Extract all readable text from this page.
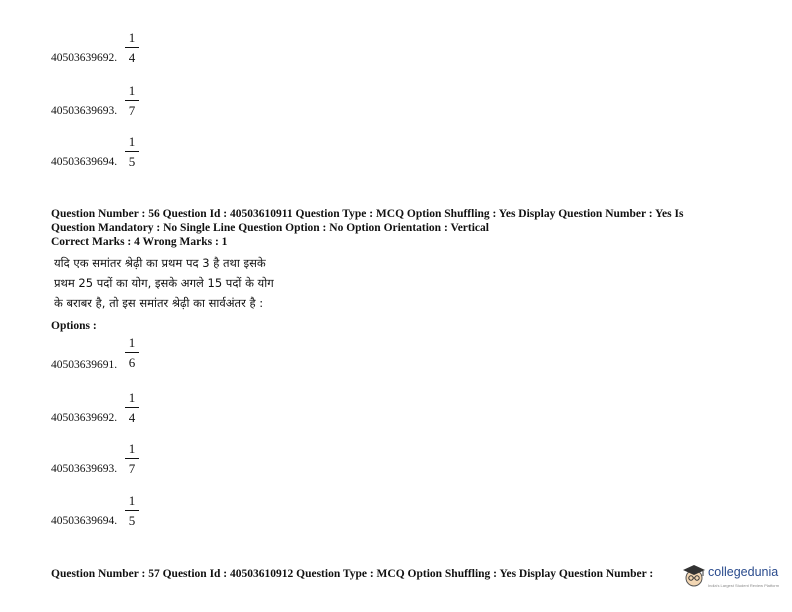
40503639692.
1
4
40503639693.
1
7
40503639694.
1
5
Question Number : 56 Question Id : 40503610911 Question Type : MCQ Option Shuffling : Yes Display Question Number : Yes Is
Question Mandatory : No Single Line Question Option : No Option Orientation : Vertical
Correct Marks : 4 Wrong Marks : 1
यदि एक समांतर श्रेढ़ी का प्रथम पद 3 है तथा इसके
प्रथम 25 पदों का योग, इसके अगले 15 पदों के योग
के बराबर है, तो इस समांतर श्रेढ़ी का सार्वअंतर है :
Options :
40503639691.
1
6
40503639692.
1
4
40503639693.
1
7
40503639694.
1
5
Question Number : 57 Question Id : 40503610912 Question Type : MCQ Option Shuffling : Yes Display Question Number :	collegedunia
India's Largest Student Review Platform
